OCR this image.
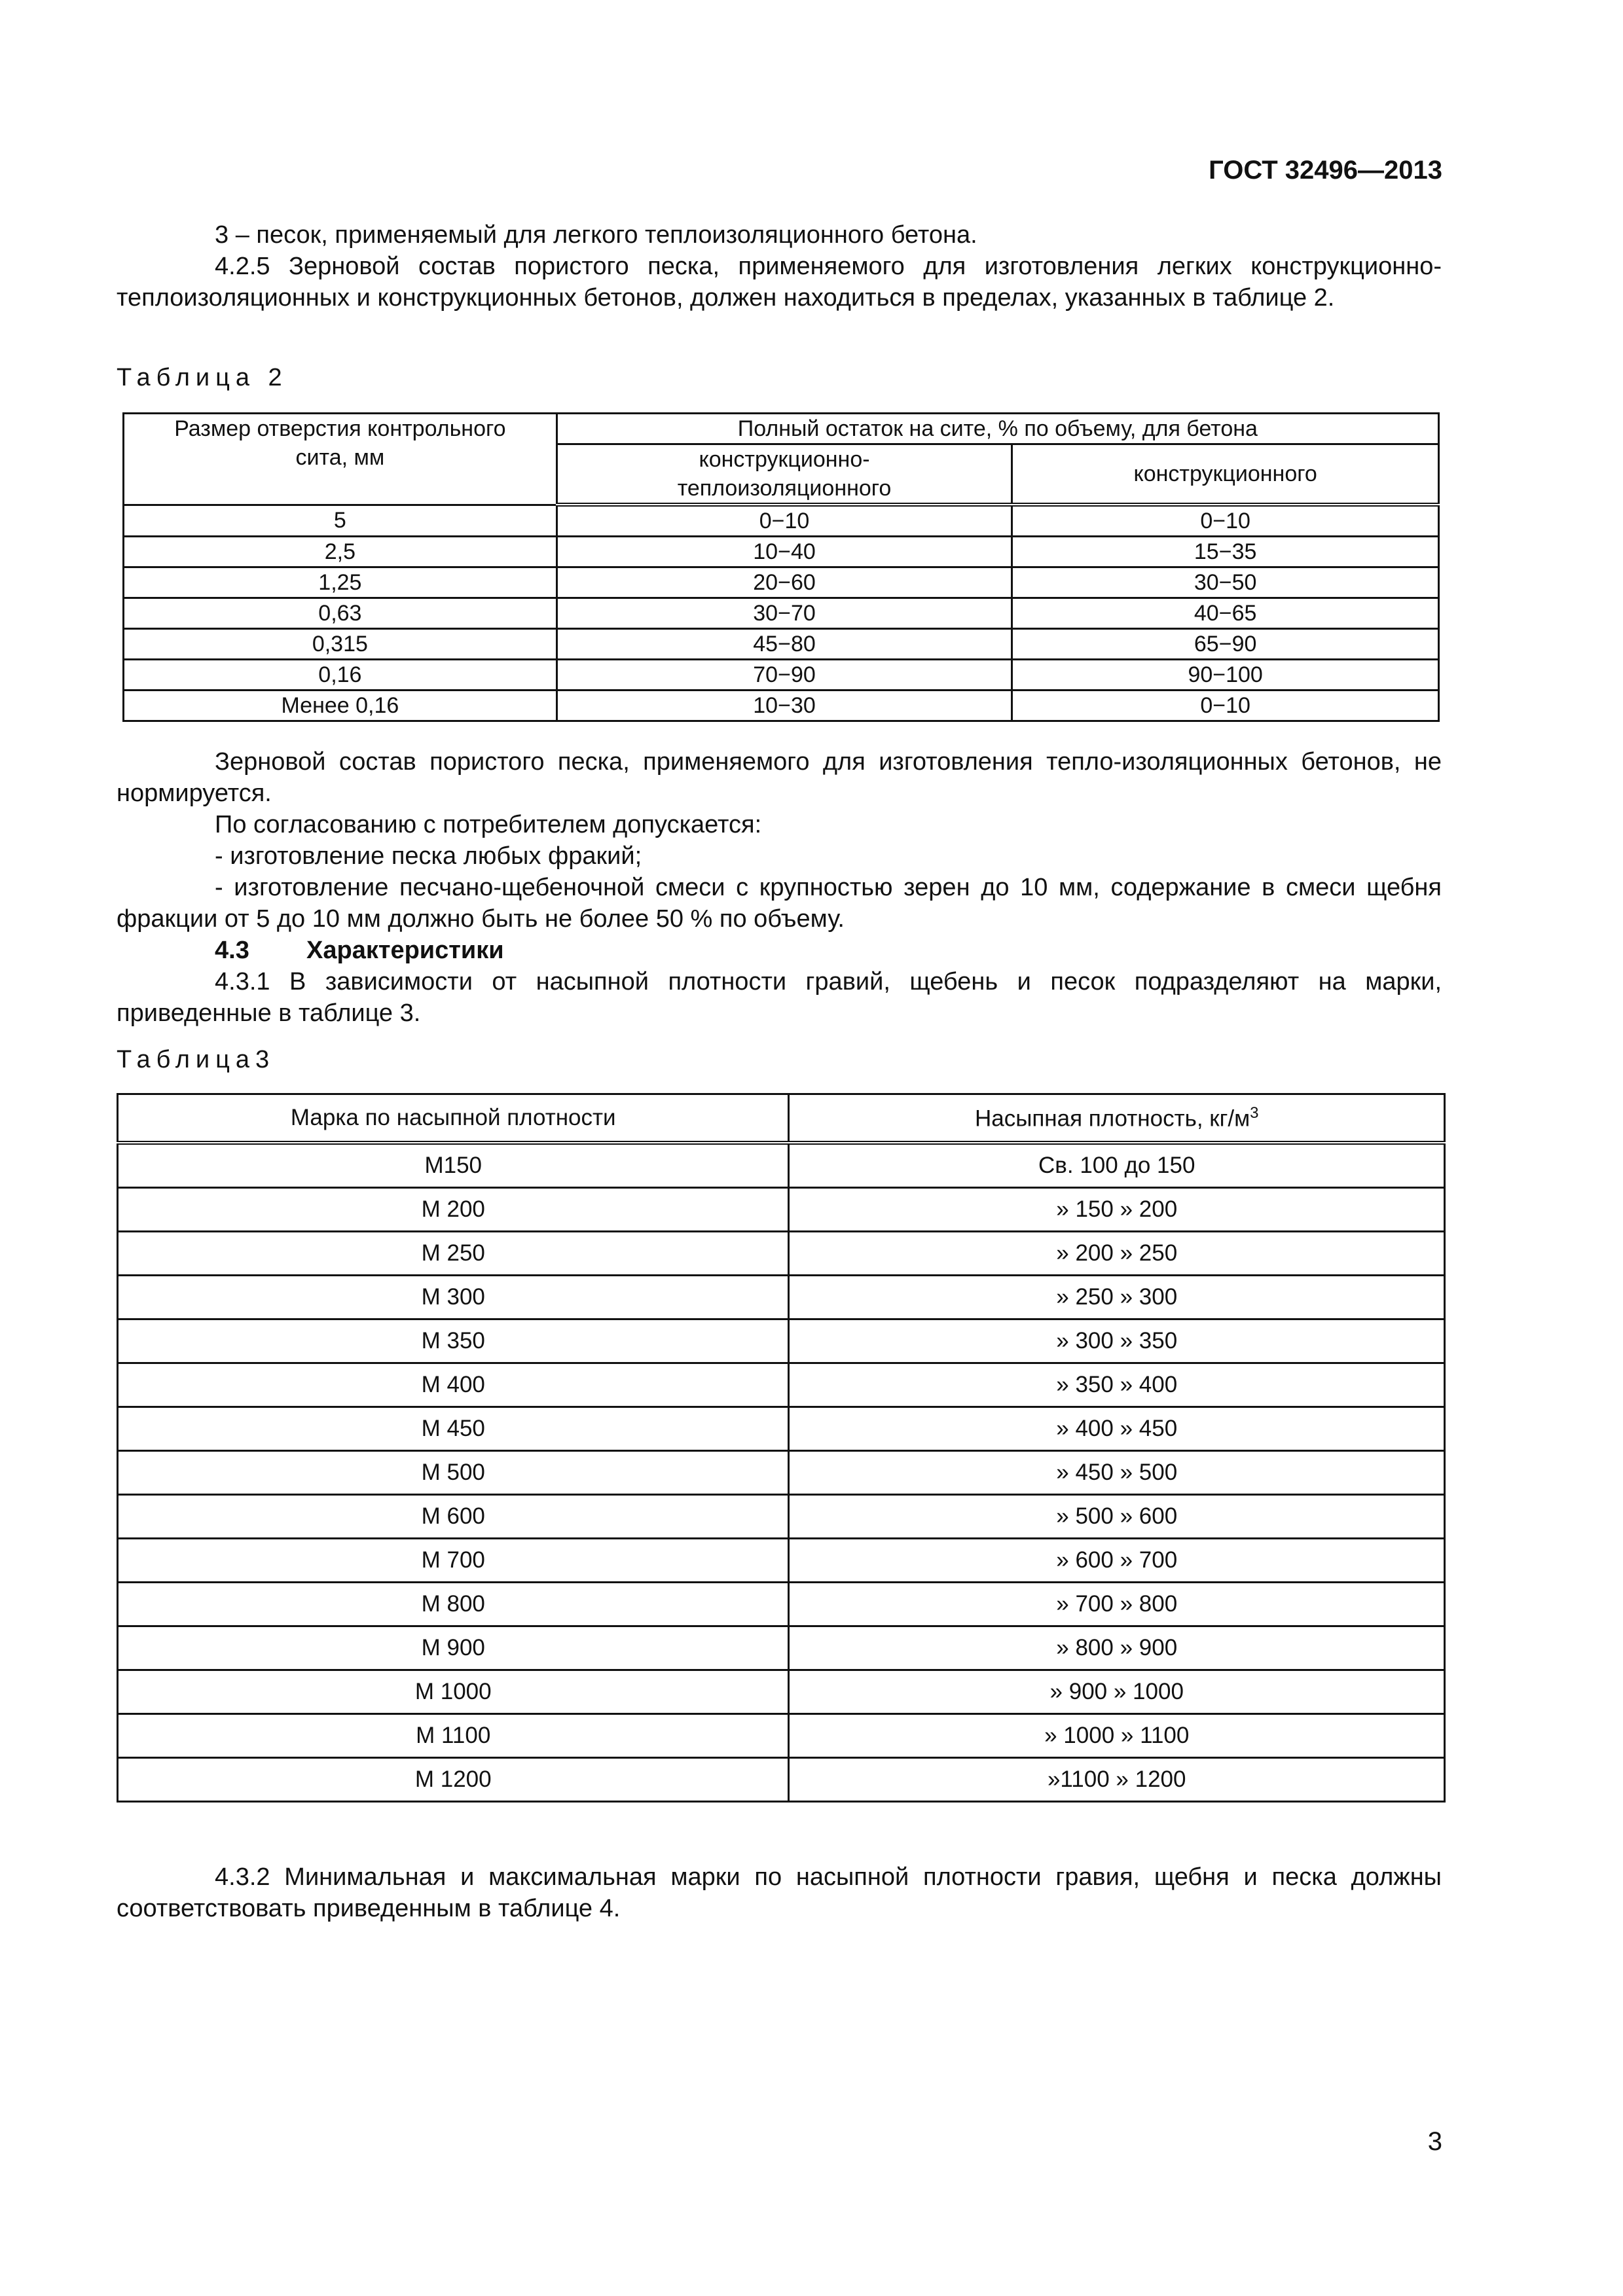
ГОСТ 32496—2013
3 – песок, применяемый для легкого теплоизоляционного бетона.
4.2.5 Зерновой состав пористого песка, применяемого для изготовления легких конструкционно-теплоизоляционных и конструкционных бетонов, должен находиться в пределах, указанных в таблице 2.
Таблица 2
Размер отверстия контрольного сита, мм	Полный остаток на сите, % по объему, для бетона	
	конструкционно-теплоизоляционного	конструкционного
5	0−10	0−10
2,5	10−40	15−35
1,25	20−60	30−50
0,63	30−70	40−65
0,315	45−80	65−90
0,16	70−90	90−100
Менее 0,16	10−30	0−10
Зерновой состав пористого песка, применяемого для изготовления тепло-изоляционных бетонов, не нормируется.
По согласованию с потребителем допускается:
- изготовление песка любых фракий;
- изготовление песчано-щебеночной смеси с крупностью зерен до 10 мм, содержание в смеси щебня фракции от 5 до 10 мм должно быть не более 50 % по объему.
4.3 Характеристики
4.3.1 В зависимости от насыпной плотности гравий, щебень и песок подразделяют на марки, приведенные в таблице 3.
Таблица3
Марка по насыпной плотности	Насыпная плотность, $кг/м^3$
М150	Св. 100 до 150
М 200	» 150 » 200
М 250	» 200 » 250
М 300	» 250 » 300
М 350	» 300 » 350
М 400	» 350 » 400
М 450	» 400 » 450
М 500	» 450 » 500
М 600	» 500 » 600
М 700	» 600 » 700
М 800	» 700 » 800
М 900	» 800 » 900
М 1000	» 900 » 1000
М 1100	» 1000 » 1100
М 1200	»1100 » 1200
4.3.2 Минимальная и максимальная марки по насыпной плотности гравия, щебня и песка должны соответствовать приведенным в таблице 4.
3
